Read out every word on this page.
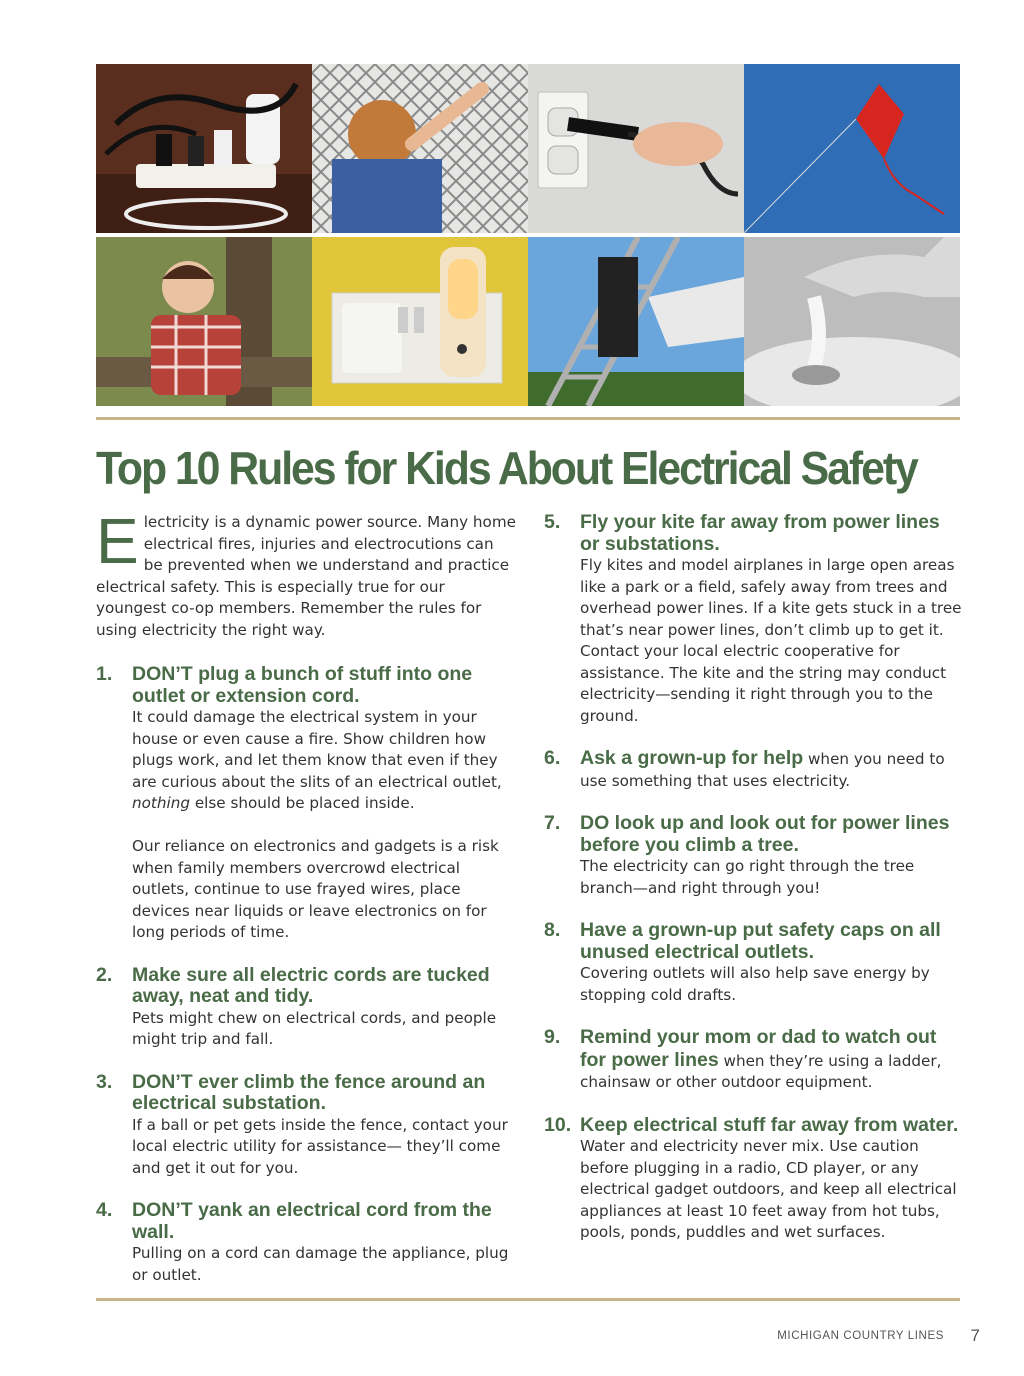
Top 10 Rules for Kids About Electrical Safety

Electricity is a dynamic power source. Many home electrical fires, injuries and electrocutions can be prevented when we understand and practice electrical safety. This is especially true for our youngest co-op members. Remember the rules for using electricity the right way.

1. DON’T plug a bunch of stuff into one outlet or extension cord.

It could damage the electrical system in your house or even cause a fire. Show children how plugs work, and let them know that even if they are curious about the slits of an electrical outlet, nothing else should be placed inside.

Our reliance on electronics and gadgets is a risk when family members overcrowd electrical outlets, continue to use frayed wires, place devices near liquids or leave electronics on for long periods of time.

2. Make sure all electric cords are tucked away, neat and tidy.

Pets might chew on electrical cords, and people might trip and fall.

3. DON’T ever climb the fence around an electrical substation.

If a ball or pet gets inside the fence, contact your local electric utility for assistance— they’ll come and get it out for you.

4. DON’T yank an electrical cord from the wall.

Pulling on a cord can damage the appliance, plug or outlet.

5. Fly your kite far away from power lines or substations.

Fly kites and model airplanes in large open areas like a park or a field, safely away from trees and overhead power lines. If a kite gets stuck in a tree that’s near power lines, don’t climb up to get it. Contact your local electric cooperative for assistance. The kite and the string may conduct electricity—sending it right through you to the ground.

6. Ask a grown-up for help when you need to use something that uses electricity.
7. DO look up and look out for power lines before you climb a tree.

The electricity can go right through the tree branch—and right through you!

8. Have a grown-up put safety caps on all unused electrical outlets.

Covering outlets will also help save energy by stopping cold drafts.

9. Remind your mom or dad to watch out for power lines when they’re using a ladder, chainsaw or other outdoor equipment.
10. Keep electrical stuff far away from water.

Water and electricity never mix. Use caution before plugging in a radio, CD player, or any electrical gadget outdoors, and keep all electrical appliances at least 10 feet away from hot tubs, pools, ponds, puddles and wet surfaces.

MICHIGAN COUNTRY LINES 7
